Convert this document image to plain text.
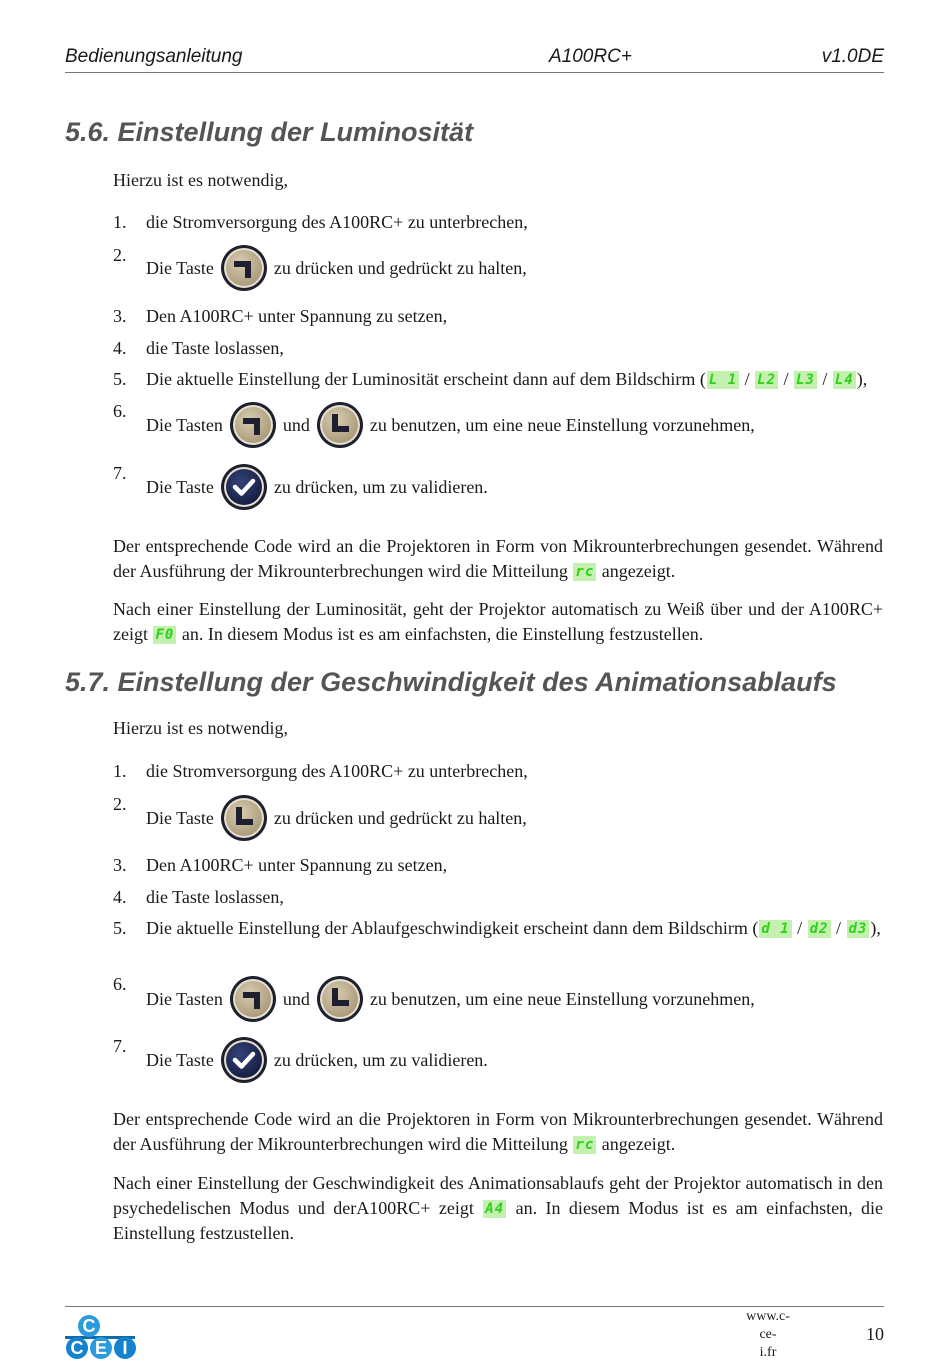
Bedienungsanleitung	A100RC+	v1.0DE
5.6. Einstellung der Luminosität

Hierzu ist es notwendig,

1. die Stromversorgung des A100RC+ zu unterbrechen,
2.
Die Taste	zu drücken und gedrückt zu halten,
3. Den A100RC+ unter Spannung zu setzen,
4. die Taste loslassen,
5. Die aktuelle Einstellung der Luminosität erscheint dann auf dem Bildschirm ( L 1 / L2 / L3 / L4 ),
6.
Die Tasten	und	zu benutzen, um eine neue Einstellung vorzunehmen,
7.
Die Taste	zu drücken, um zu validieren.

Der entsprechende Code wird an die Projektoren in Form von Mikrounterbrechungen gesendet. Während der Ausführung der Mikrounterbrechungen wird die Mitteilung rc angezeigt.

Nach einer Einstellung der Luminosität, geht der Projektor automatisch zu Weiß über und der A100RC+ zeigt F0 an. In diesem Modus ist es am einfachsten, die Einstellung festzustellen.

5.7. Einstellung der Geschwindigkeit des Animationsablaufs

Hierzu ist es notwendig,

1. die Stromversorgung des A100RC+ zu unterbrechen,
2.
Die Taste	zu drücken und gedrückt zu halten,
3. Den A100RC+ unter Spannung zu setzen,
4. die Taste loslassen,
5. Die aktuelle Einstellung der Ablaufgeschwindigkeit erscheint dann dem Bildschirm ( d 1 / d2 / d3 ),
6.
Die Tasten	und	zu benutzen, um eine neue Einstellung vorzunehmen,
7.
Die Taste	zu drücken, um zu validieren.

Der entsprechende Code wird an die Projektoren in Form von Mikrounterbrechungen gesendet. Während der Ausführung der Mikrounterbrechungen wird die Mitteilung rc angezeigt.

Nach einer Einstellung der Geschwindigkeit des Animationsablaufs geht der Projektor automatisch in den psychedelischen Modus und derA100RC+ zeigt A4 an. In diesem Modus ist es am einfachsten, die Einstellung festzustellen.

C
C E I
www.c-
ce-
i.fr
10
